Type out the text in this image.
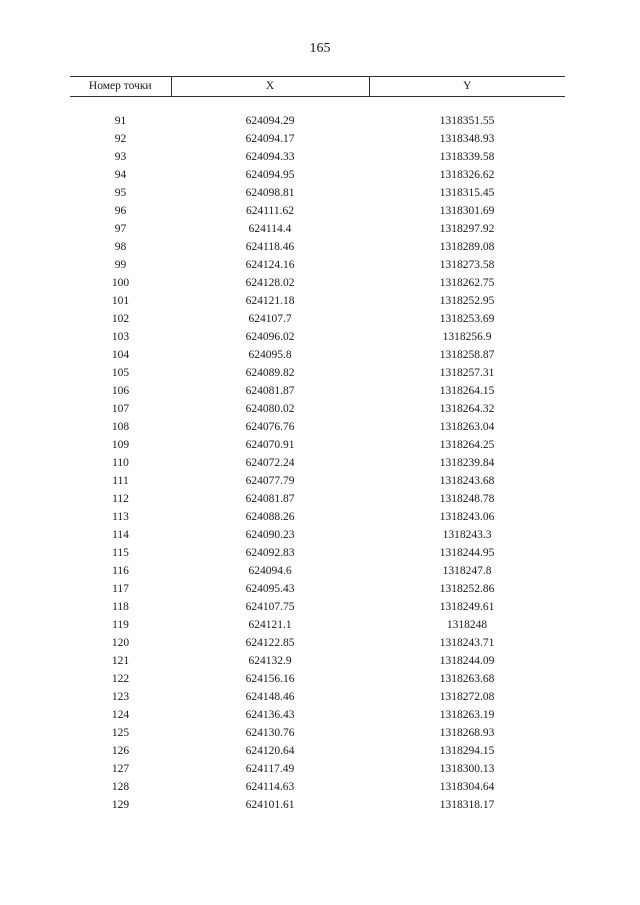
165
Номер точки	X	Y

91	624094.29	1318351.55
92	624094.17	1318348.93
93	624094.33	1318339.58
94	624094.95	1318326.62
95	624098.81	1318315.45
96	624111.62	1318301.69
97	624114.4	1318297.92
98	624118.46	1318289.08
99	624124.16	1318273.58
100	624128.02	1318262.75
101	624121.18	1318252.95
102	624107.7	1318253.69
103	624096.02	1318256.9
104	624095.8	1318258.87
105	624089.82	1318257.31
106	624081.87	1318264.15
107	624080.02	1318264.32
108	624076.76	1318263.04
109	624070.91	1318264.25
110	624072.24	1318239.84
111	624077.79	1318243.68
112	624081.87	1318248.78
113	624088.26	1318243.06
114	624090.23	1318243.3
115	624092.83	1318244.95
116	624094.6	1318247.8
117	624095.43	1318252.86
118	624107.75	1318249.61
119	624121.1	1318248
120	624122.85	1318243.71
121	624132.9	1318244.09
122	624156.16	1318263.68
123	624148.46	1318272.08
124	624136.43	1318263.19
125	624130.76	1318268.93
126	624120.64	1318294.15
127	624117.49	1318300.13
128	624114.63	1318304.64
129	624101.61	1318318.17
